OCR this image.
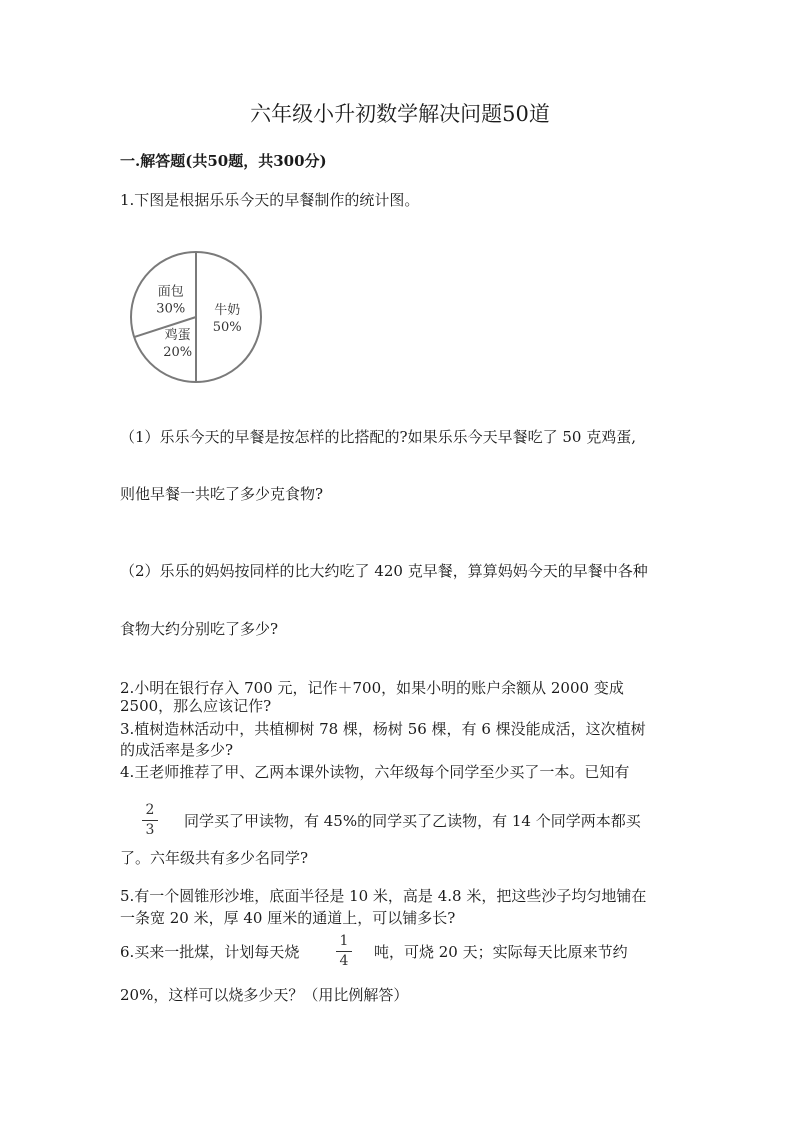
六年级小升初数学解决问题50道
一.解答题(共50题，共300分)
1.下图是根据乐乐今天的早餐制作的统计图。
牛奶
50%
鸡蛋
20%
面包
30%
（1）乐乐今天的早餐是按怎样的比搭配的?如果乐乐今天早餐吃了 50 克鸡蛋,
则他早餐一共吃了多少克食物?
（2）乐乐的妈妈按同样的比大约吃了 420 克早餐，算算妈妈今天的早餐中各种
食物大约分别吃了多少?
2.小明在银行存入 700 元，记作＋700，如果小明的账户余额从 2000 变成
2500，那么应该记作?
3.植树造林活动中，共植柳树 78 棵，杨树 56 棵，有 6 棵没能成活，这次植树
的成活率是多少?
4.王老师推荐了甲、乙两本课外读物，六年级每个同学至少买了一本。已知有
2
3	同学买了甲读物，有 45%的同学买了乙读物，有 14 个同学两本都买
了。六年级共有多少名同学?
5.有一个圆锥形沙堆，底面半径是 10 米，高是 4.8 米，把这些沙子均匀地铺在
一条宽 20 米，厚 40 厘米的通道上，可以铺多长?
6.买来一批煤，计划每天烧
1
4	吨，可烧 20 天；实际每天比原来节约
20%，这样可以烧多少天？（用比例解答）
